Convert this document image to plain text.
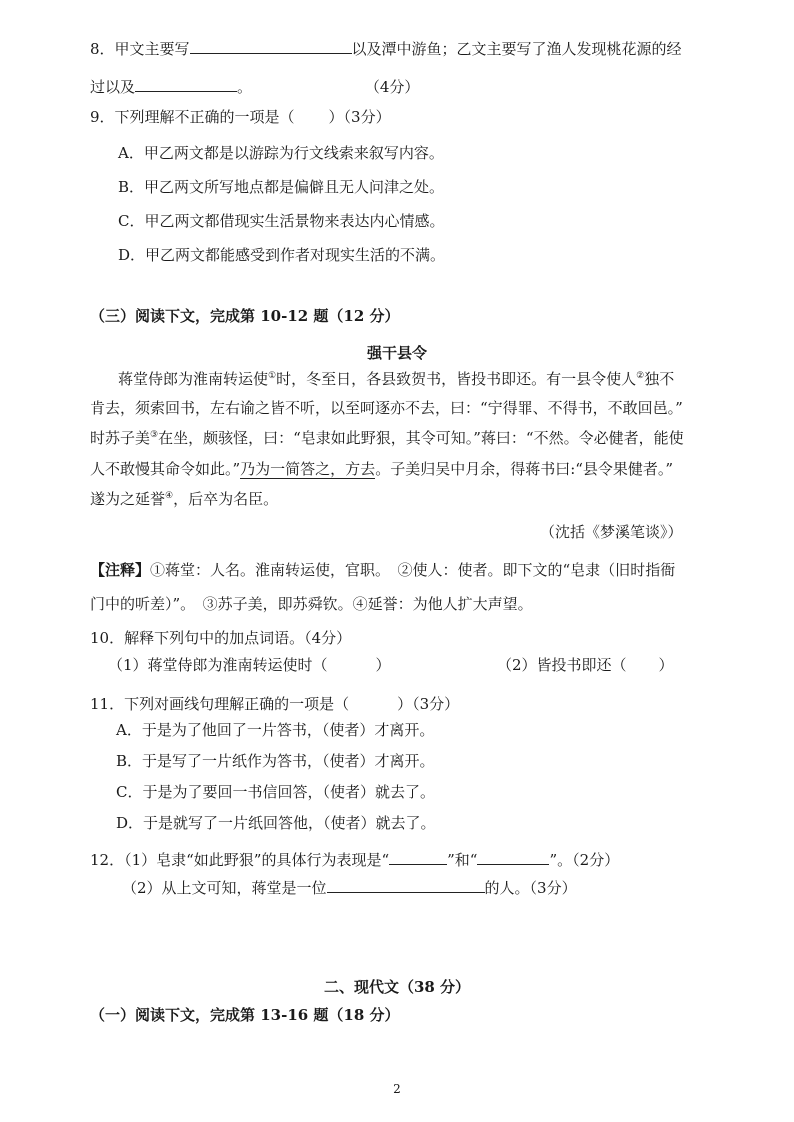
8．甲文主要写	以及潭中游鱼；乙文主要写了渔人发现桃花源的经
过以及	。	（4分）
9．下列理解不正确的一项是（ ）（3分）
A．甲乙两文都是以游踪为行文线索来叙写内容。
B．甲乙两文所写地点都是偏僻且无人问津之处。
C．甲乙两文都借现实生活景物来表达内心情感。
D．甲乙两文都能感受到作者对现实生活的不满。
（三）阅读下文，完成第 10-12 题（12 分）
强干县令
蒋堂侍郎为淮南转运使①时，冬至日，各县致贺书，皆投书即还。有一县令使人②独不
肯去，须索回书，左右谕之皆不听，以至呵逐亦不去，曰：“宁得罪、不得书，不敢回邑。”
时苏子美③在坐，颇骇怪，曰：“皂隶如此野狠，其令可知。”蒋曰：“不然。令必健者，能使
人不敢慢其命令如此。”乃为一简答之，方去。子美归吴中月余，得蒋书曰:“县令果健者。”
遂为之延誉④，后卒为名臣。
（沈括《梦溪笔谈》）
【注释】①蒋堂：人名。淮南转运使，官职。　②使人：使者。即下文的“皂隶（旧时指衙
门中的听差）”。　③苏子美，即苏舜钦。④延誉：为他人扩大声望。
10．解释下列句中的加点词语。（4分）
（1）蒋堂侍郎为淮南转运使时（	）	（2）皆投书即还（ ）
11．下列对画线句理解正确的一项是（	）（3分）
A．于是为了他回了一片答书，（使者）才离开。
B．于是写了一片纸作为答书，（使者）才离开。
C．于是为了要回一书信回答，（使者）就去了。
D．于是就写了一片纸回答他，（使者）就去了。
12．（1）皂隶“如此野狠”的具体行为表现是“	”和“	”。（2分）
（2）从上文可知，蒋堂是一位	的人。（3分）
二、现代文（38 分）
（一）阅读下文，完成第 13-16 题（18 分）
2
